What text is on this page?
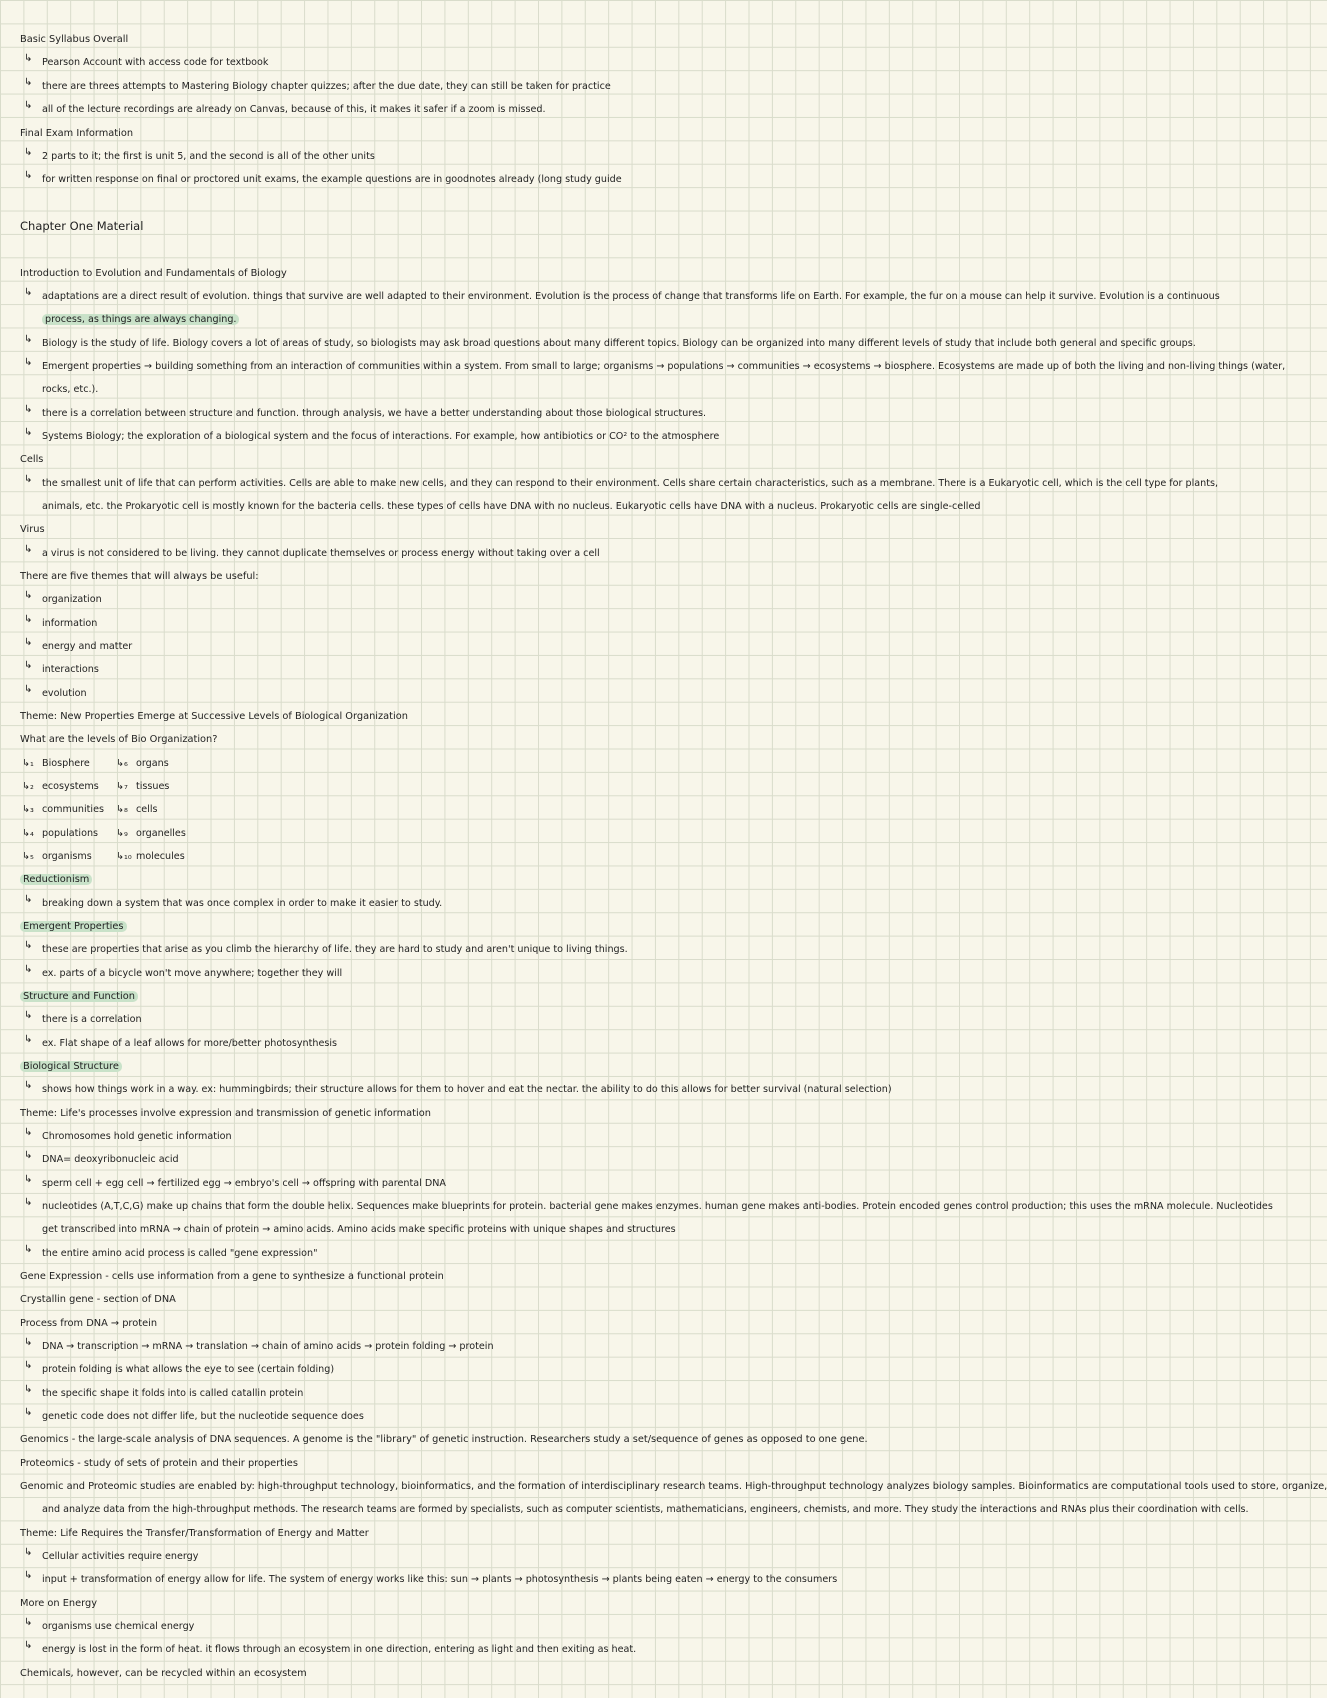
Basic Syllabus Overall
↳ Pearson Account with access code for textbook
↳ there are threes attempts to Mastering Biology chapter quizzes; after the due date, they can still be taken for practice
↳ all of the lecture recordings are already on Canvas, because of this, it makes it safer if a zoom is missed.
Final Exam Information
↳ 2 parts to it; the first is unit 5, and the second is all of the other units
↳ for written response on final or proctored unit exams, the example questions are in goodnotes already (long study guide
Chapter One Material
Introduction to Evolution and Fundamentals of Biology
↳ adaptations are a direct result of evolution. things that survive are well adapted to their environment. Evolution is the process of change that transforms life on Earth. For example, the fur on a mouse can help it survive. Evolution is a continuous
process, as things are always changing.
↳ Biology is the study of life. Biology covers a lot of areas of study, so biologists may ask broad questions about many different topics. Biology can be organized into many different levels of study that include both general and specific groups.
↳ Emergent properties → building something from an interaction of communities within a system. From small to large; organisms → populations → communities → ecosystems → biosphere. Ecosystems are made up of both the living and non-living things (water,
rocks, etc.).
↳ there is a correlation between structure and function. through analysis, we have a better understanding about those biological structures.
↳ Systems Biology; the exploration of a biological system and the focus of interactions. For example, how antibiotics or CO² to the atmosphere
Cells
↳ the smallest unit of life that can perform activities. Cells are able to make new cells, and they can respond to their environment. Cells share certain characteristics, such as a membrane. There is a Eukaryotic cell, which is the cell type for plants,
animals, etc. the Prokaryotic cell is mostly known for the bacteria cells. these types of cells have DNA with no nucleus. Eukaryotic cells have DNA with a nucleus. Prokaryotic cells are single-celled
Virus
↳ a virus is not considered to be living. they cannot duplicate themselves or process energy without taking over a cell
There are five themes that will always be useful:
↳ organization
↳ information
↳ energy and matter
↳ interactions
↳ evolution
Theme: New Properties Emerge at Successive Levels of Biological Organization
What are the levels of Bio Organization?
↳₁ Biosphere
↳₂ ecosystems
↳₃ communities
↳₄ populations
↳₅ organisms
↳₆ organs
↳₇ tissues
↳₈ cells
↳₉ organelles
↳₁₀ molecules
Reductionism
↳ breaking down a system that was once complex in order to make it easier to study.
Emergent Properties
↳ these are properties that arise as you climb the hierarchy of life. they are hard to study and aren't unique to living things.
↳ ex. parts of a bicycle won't move anywhere; together they will
Structure and Function
↳ there is a correlation
↳ ex. Flat shape of a leaf allows for more/better photosynthesis
Biological Structure
↳ shows how things work in a way. ex: hummingbirds; their structure allows for them to hover and eat the nectar. the ability to do this allows for better survival (natural selection)
Theme: Life's processes involve expression and transmission of genetic information
↳ Chromosomes hold genetic information
↳ DNA= deoxyribonucleic acid
↳ sperm cell + egg cell → fertilized egg → embryo's cell → offspring with parental DNA
↳ nucleotides (A,T,C,G) make up chains that form the double helix. Sequences make blueprints for protein. bacterial gene makes enzymes. human gene makes anti-bodies. Protein encoded genes control production; this uses the mRNA molecule. Nucleotides
get transcribed into mRNA → chain of protein → amino acids. Amino acids make specific proteins with unique shapes and structures
↳ the entire amino acid process is called "gene expression"
Gene Expression - cells use information from a gene to synthesize a functional protein
Crystallin gene - section of DNA
Process from DNA → protein
↳ DNA → transcription → mRNA → translation → chain of amino acids → protein folding → protein
↳ protein folding is what allows the eye to see (certain folding)
↳ the specific shape it folds into is called catallin protein
↳ genetic code does not differ life, but the nucleotide sequence does
Genomics - the large-scale analysis of DNA sequences. A genome is the "library" of genetic instruction. Researchers study a set/sequence of genes as opposed to one gene.
Proteomics - study of sets of protein and their properties
Genomic and Proteomic studies are enabled by: high-throughput technology, bioinformatics, and the formation of interdisciplinary research teams. High-throughput technology analyzes biology samples. Bioinformatics are computational tools used to store, organize,
and analyze data from the high-throughput methods. The research teams are formed by specialists, such as computer scientists, mathematicians, engineers, chemists, and more. They study the interactions and RNAs plus their coordination with cells.
Theme: Life Requires the Transfer/Transformation of Energy and Matter
↳ Cellular activities require energy
↳ input + transformation of energy allow for life. The system of energy works like this: sun → plants → photosynthesis → plants being eaten → energy to the consumers
More on Energy
↳ organisms use chemical energy
↳ energy is lost in the form of heat. it flows through an ecosystem in one direction, entering as light and then exiting as heat.
Chemicals, however, can be recycled within an ecosystem
